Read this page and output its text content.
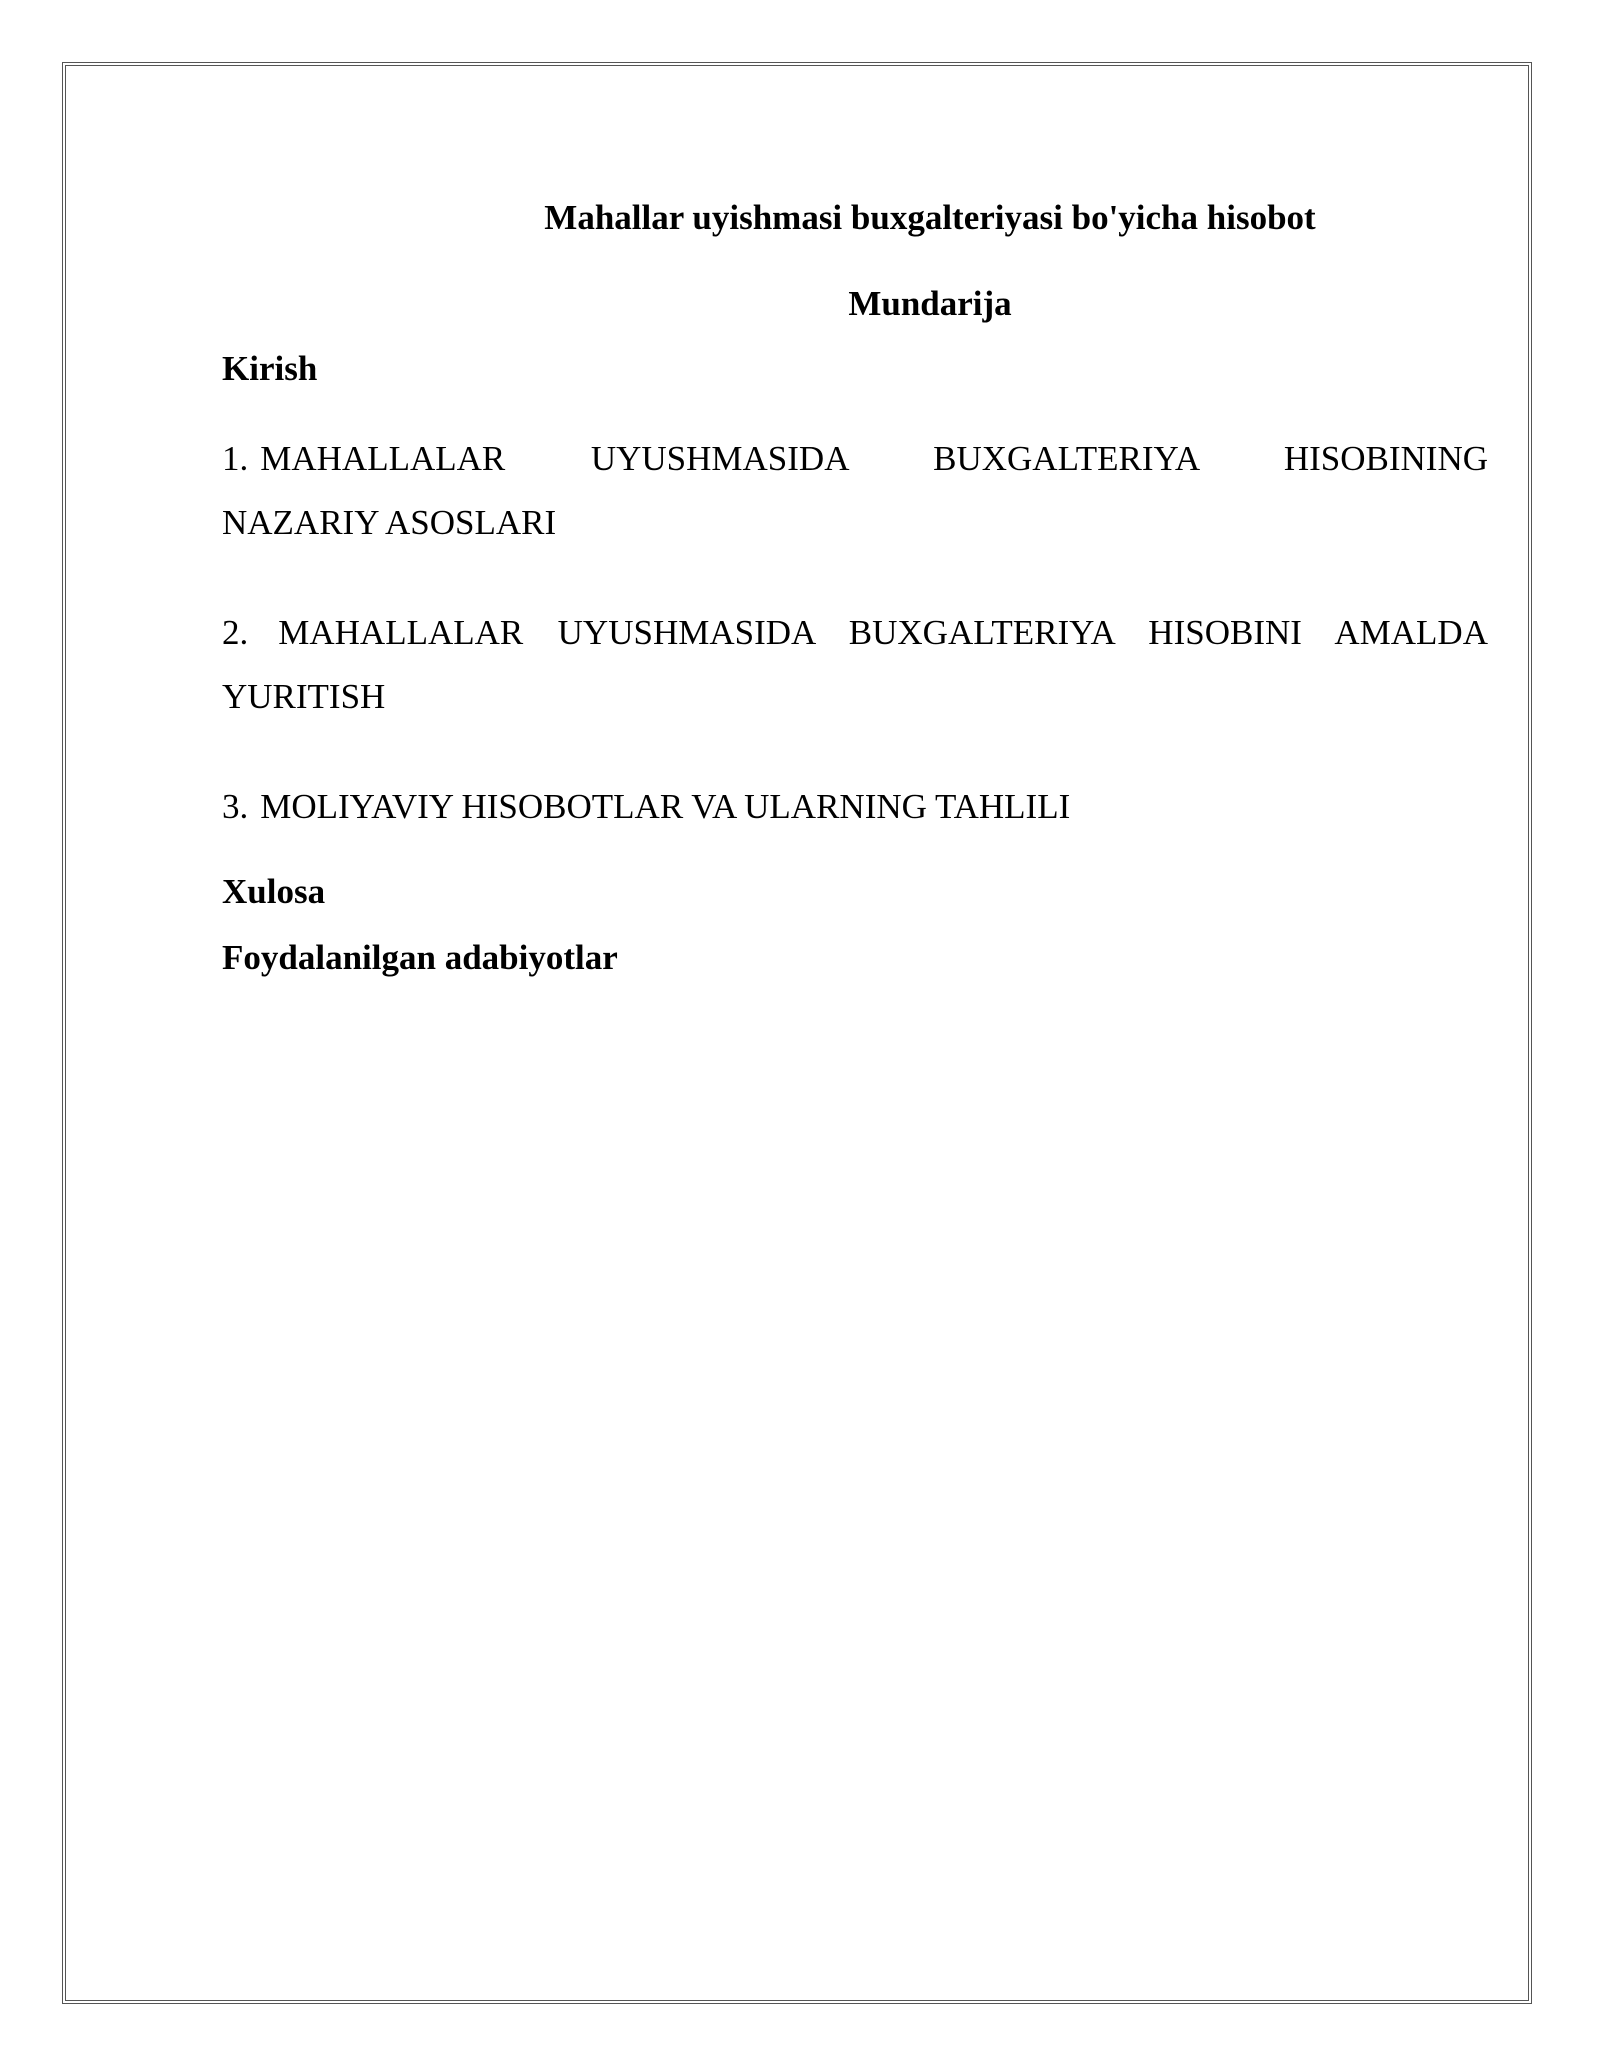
Mahallar uyishmasi buxgalteriyasi bo'yicha hisobot
Mundarija

Kirish

1. MAHALLALAR UYUSHMASIDA BUXGALTERIYA HISOBINING
NAZARIY ASOSLARI
2. MAHALLALAR UYUSHMASIDA BUXGALTERIYA HISOBINI AMALDA
YURITISH
3. MOLIYAVIY HISOBOTLAR VA ULARNING TAHLILI

Xulosa

Foydalanilgan adabiyotlar
